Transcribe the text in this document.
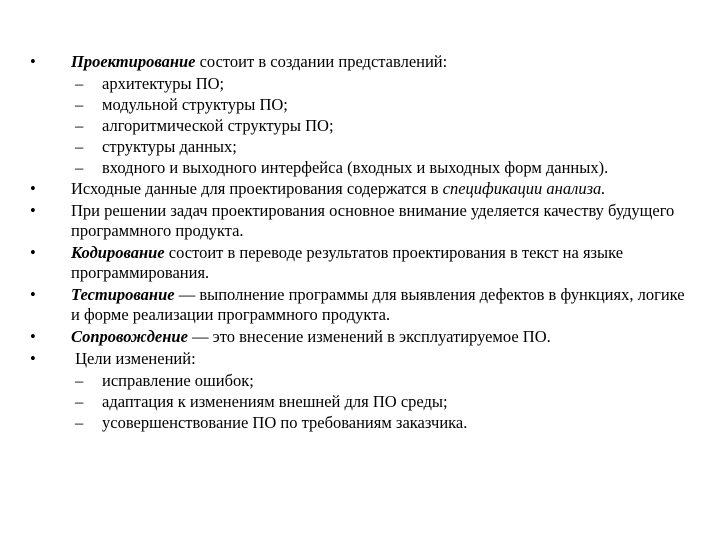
•	Проектирование состоит в создании представлений:
– архитектуры ПО;
– модульной структуры ПО;
– алгоритмической структуры ПО;
– структуры данных;
– входного и выходного интерфейса (входных и выходных форм данных).
•	Исходные данные для проектирования содержатся в спецификации анализа.
•	При решении задач проектирования основное внимание уделяется качеству будущего программного продукта.
•	Кодирование состоит в переводе результатов проектирования в текст на языке программирования.
•	Тестирование — выполнение программы для выявления дефектов в функциях, логике и форме реализации программного продукта.
•	Сопровождение — это внесение изменений в эксплуатируемое ПО.
•	Цели изменений:
– исправление ошибок;
– адаптация к изменениям внешней для ПО среды;
– усовершенствование ПО по требованиям заказчика.
